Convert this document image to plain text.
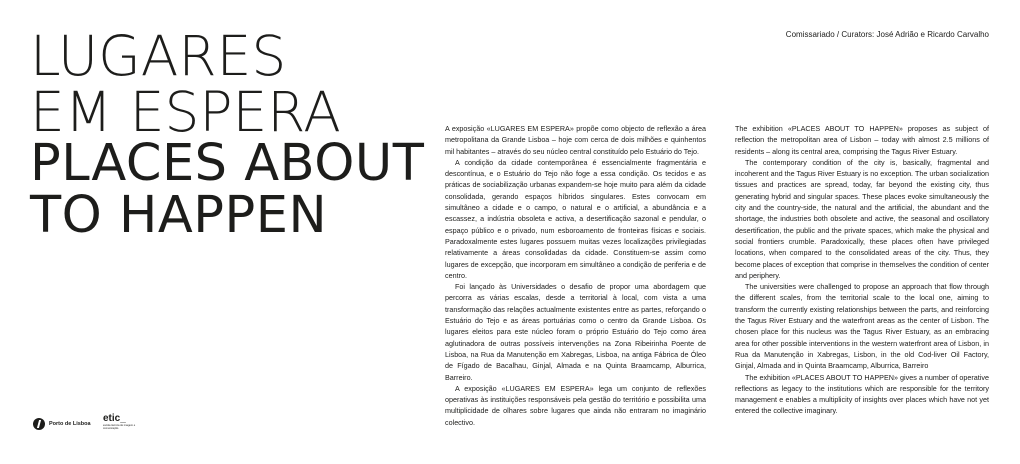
LUGARES
EM ESPERA
PLACES ABOUT
TO HAPPEN
Comissariado / Curators: José Adrião e Ricardo Carvalho

A exposição «LUGARES EM ESPERA» propõe como objecto de reflexão a área metropolitana da Grande Lisboa – hoje com cerca de dois milhões e quinhentos mil habitantes – através do seu núcleo central constituído pelo Estuário do Tejo.

A condição da cidade contemporânea é essencialmente fragmentária e descontínua, e o Estuário do Tejo não foge a essa condição. Os tecidos e as práticas de sociabilização urbanas expandem-se hoje muito para além da cidade consolidada, gerando espaços híbridos singulares. Estes convocam em simultâneo a cidade e o campo, o natural e o artificial, a abundância e a escassez, a indústria obsoleta e activa, a desertificação sazonal e pendular, o espaço público e o privado, num esboroamento de fronteiras físicas e sociais. Paradoxalmente estes lugares possuem muitas vezes localizações privilegiadas relativamente a áreas consolidadas da cidade. Constituem-se assim como lugares de excepção, que incorporam em simultâneo a condição de periferia e de centro.

Foi lançado às Universidades o desafio de propor uma abordagem que percorra as várias escalas, desde a territorial à local, com vista a uma transformação das relações actualmente existentes entre as partes, reforçando o Estuário do Tejo e as áreas portuárias como o centro da Grande Lisboa. Os lugares eleitos para este núcleo foram o próprio Estuário do Tejo como área aglutinadora de outras possíveis intervenções na Zona Ribeirinha Poente de Lisboa, na Rua da Manutenção em Xabregas, Lisboa, na antiga Fábrica de Óleo de Fígado de Bacalhau, Ginjal, Almada e na Quinta Braamcamp, Alburrica, Barreiro.

A exposição «LUGARES EM ESPERA» lega um conjunto de reflexões operativas às instituições responsáveis pela gestão do território e possibilita uma multiplicidade de olhares sobre lugares que ainda não entraram no imaginário colectivo.

The exhibition «PLACES ABOUT TO HAPPEN» proposes as subject of reflection the metropolitan area of Lisbon – today with almost 2.5 millions of residents – along its central area, comprising the Tagus River Estuary.

The contemporary condition of the city is, basically, fragmental and incoherent and the Tagus River Estuary is no exception. The urban socialization tissues and practices are spread, today, far beyond the existing city, thus generating hybrid and singular spaces. These places evoke simultaneously the city and the country-side, the natural and the artificial, the abundant and the shortage, the industries both obsolete and active, the seasonal and oscillatory desertification, the public and the private spaces, which make the physical and social frontiers crumble. Paradoxically, these places often have privileged locations, when compared to the consolidated areas of the city. Thus, they become places of exception that comprise in themselves the condition of center and periphery.

The universities were challenged to propose an approach that flow through the different scales, from the territorial scale to the local one, aiming to transform the currently existing relationships between the parts, and reinforcing the Tagus River Estuary and the waterfront areas as the center of Lisbon. The chosen place for this nucleus was the Tagus River Estuary, as an embracing area for other possible interventions in the western waterfront area of Lisbon, in Rua da Manutenção in Xabregas, Lisbon, in the old Cod-liver Oil Factory, Ginjal, Almada and in Quinta Braamcamp, Alburrica, Barreiro

The exhibition «PLACES ABOUT TO HAPPEN» gives a number of operative reflections as legacy to the institutions which are responsible for the territory management e enables a multiplicity of insights over places which have not yet entered the collective imaginary.

Porto de Lisboa etic_
escola técnica de imagem e comunicação
